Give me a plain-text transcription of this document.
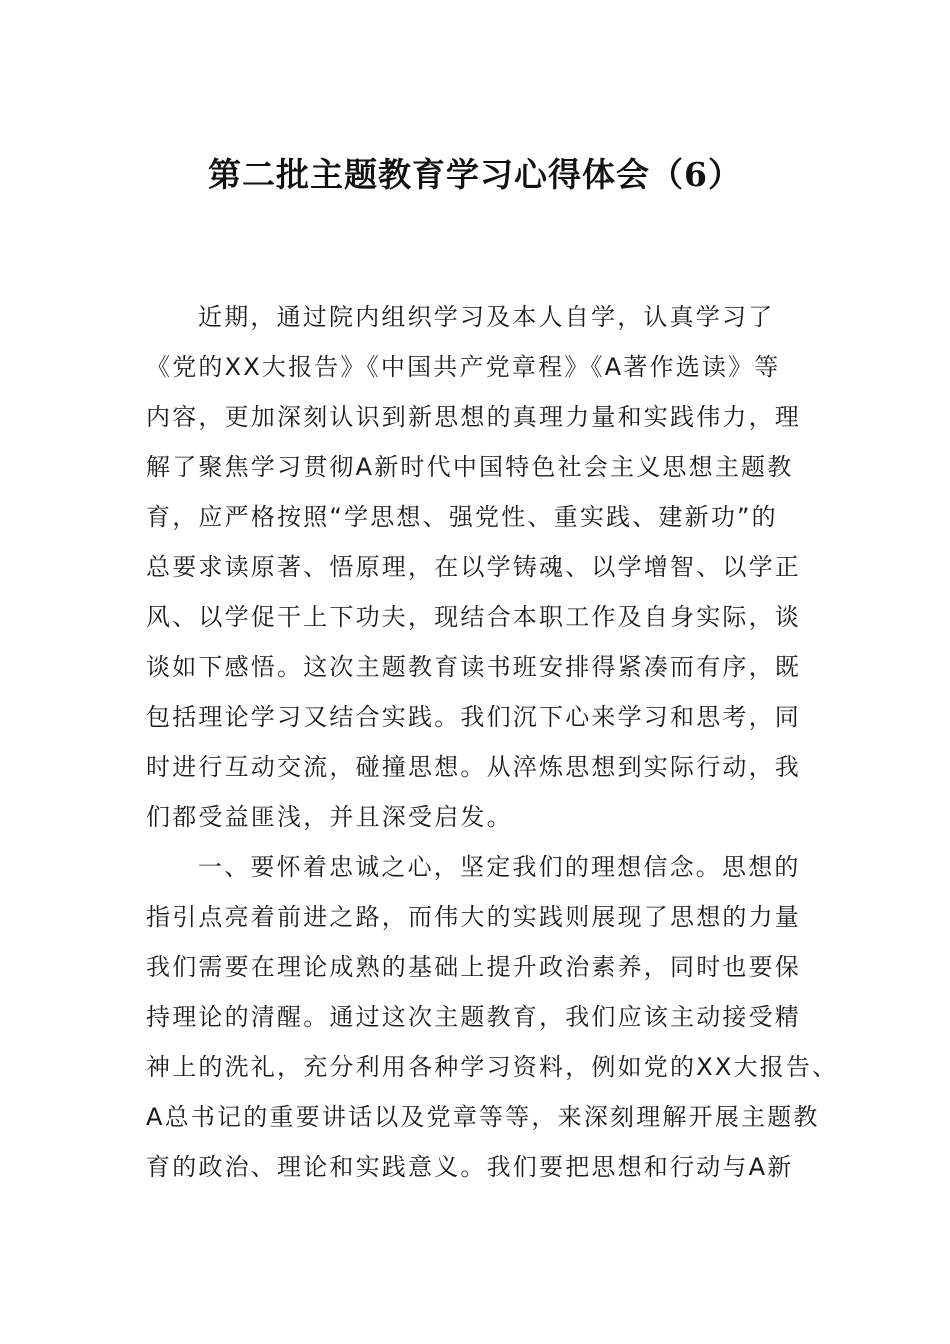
第二批主题教育学习心得体会（6）
近期，通过院内组织学习及本人自学，认真学习了
《党的XX大报告》《中国共产党章程》《A著作选读》等
内容，更加深刻认识到新思想的真理力量和实践伟力，理
解了聚焦学习贯彻A新时代中国特色社会主义思想主题教
育，应严格按照“学思想、强党性、重实践、建新功”的
总要求读原著、悟原理，在以学铸魂、以学增智、以学正
风、以学促干上下功夫，现结合本职工作及自身实际，谈
谈如下感悟。这次主题教育读书班安排得紧凑而有序，既
包括理论学习又结合实践。我们沉下心来学习和思考，同
时进行互动交流，碰撞思想。从淬炼思想到实际行动，我
们都受益匪浅，并且深受启发。
一、要怀着忠诚之心，坚定我们的理想信念。思想的
指引点亮着前进之路，而伟大的实践则展现了思想的力量
我们需要在理论成熟的基础上提升政治素养，同时也要保
持理论的清醒。通过这次主题教育，我们应该主动接受精
神上的洗礼，充分利用各种学习资料，例如党的XX大报告、
A总书记的重要讲话以及党章等等，来深刻理解开展主题教
育的政治、理论和实践意义。我们要把思想和行动与A新
